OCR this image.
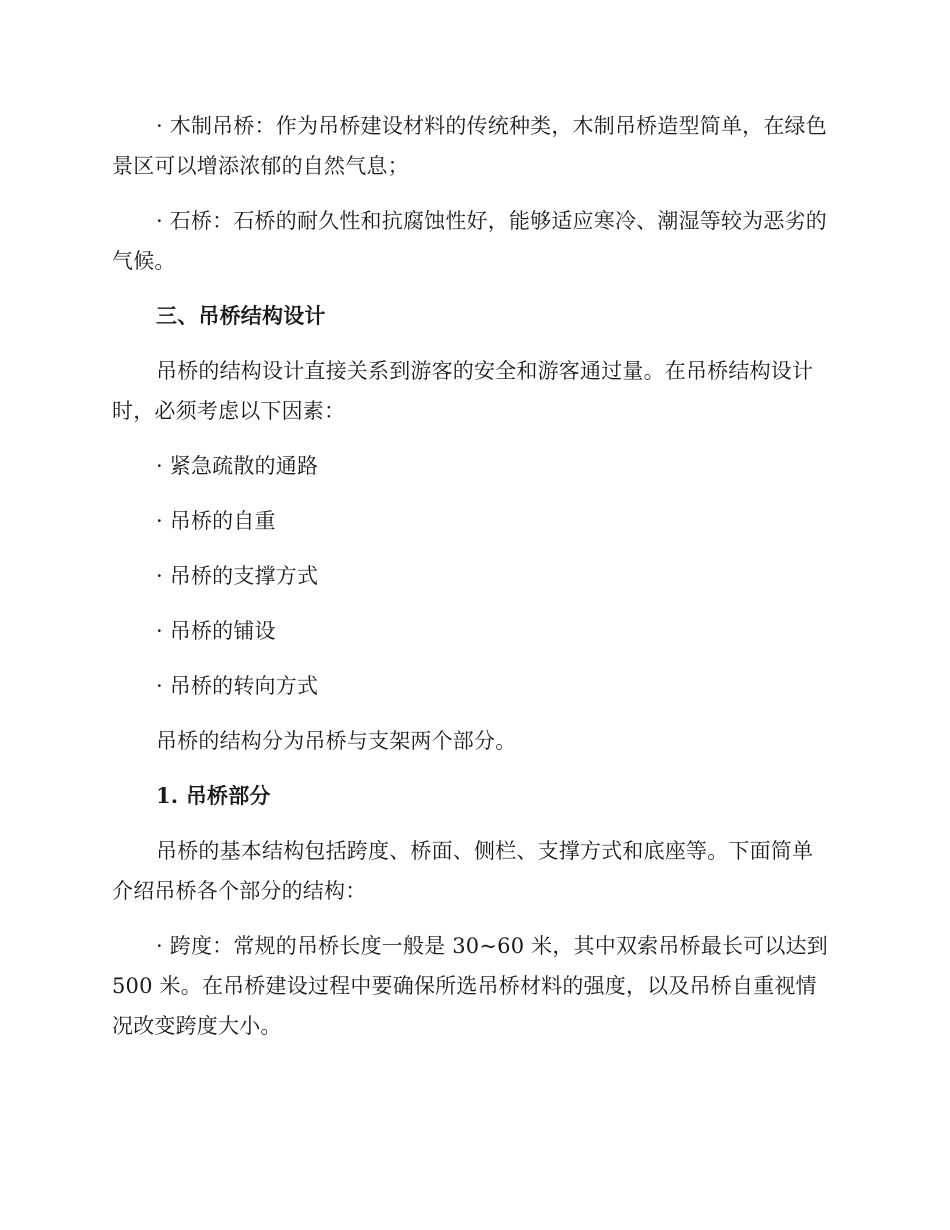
· 木制吊桥：作为吊桥建设材料的传统种类，木制吊桥造型简单，在绿色景区可以增添浓郁的自然气息；

· 石桥：石桥的耐久性和抗腐蚀性好，能够适应寒冷、潮湿等较为恶劣的气候。

三、吊桥结构设计

吊桥的结构设计直接关系到游客的安全和游客通过量。在吊桥结构设计时，必须考虑以下因素：

· 紧急疏散的通路

· 吊桥的自重

· 吊桥的支撑方式

· 吊桥的铺设

· 吊桥的转向方式

吊桥的结构分为吊桥与支架两个部分。

1. 吊桥部分

吊桥的基本结构包括跨度、桥面、侧栏、支撑方式和底座等。下面简单介绍吊桥各个部分的结构：

· 跨度：常规的吊桥长度一般是 30~60 米，其中双索吊桥最长可以达到 500 米。在吊桥建设过程中要确保所选吊桥材料的强度，以及吊桥自重视情况改变跨度大小。
